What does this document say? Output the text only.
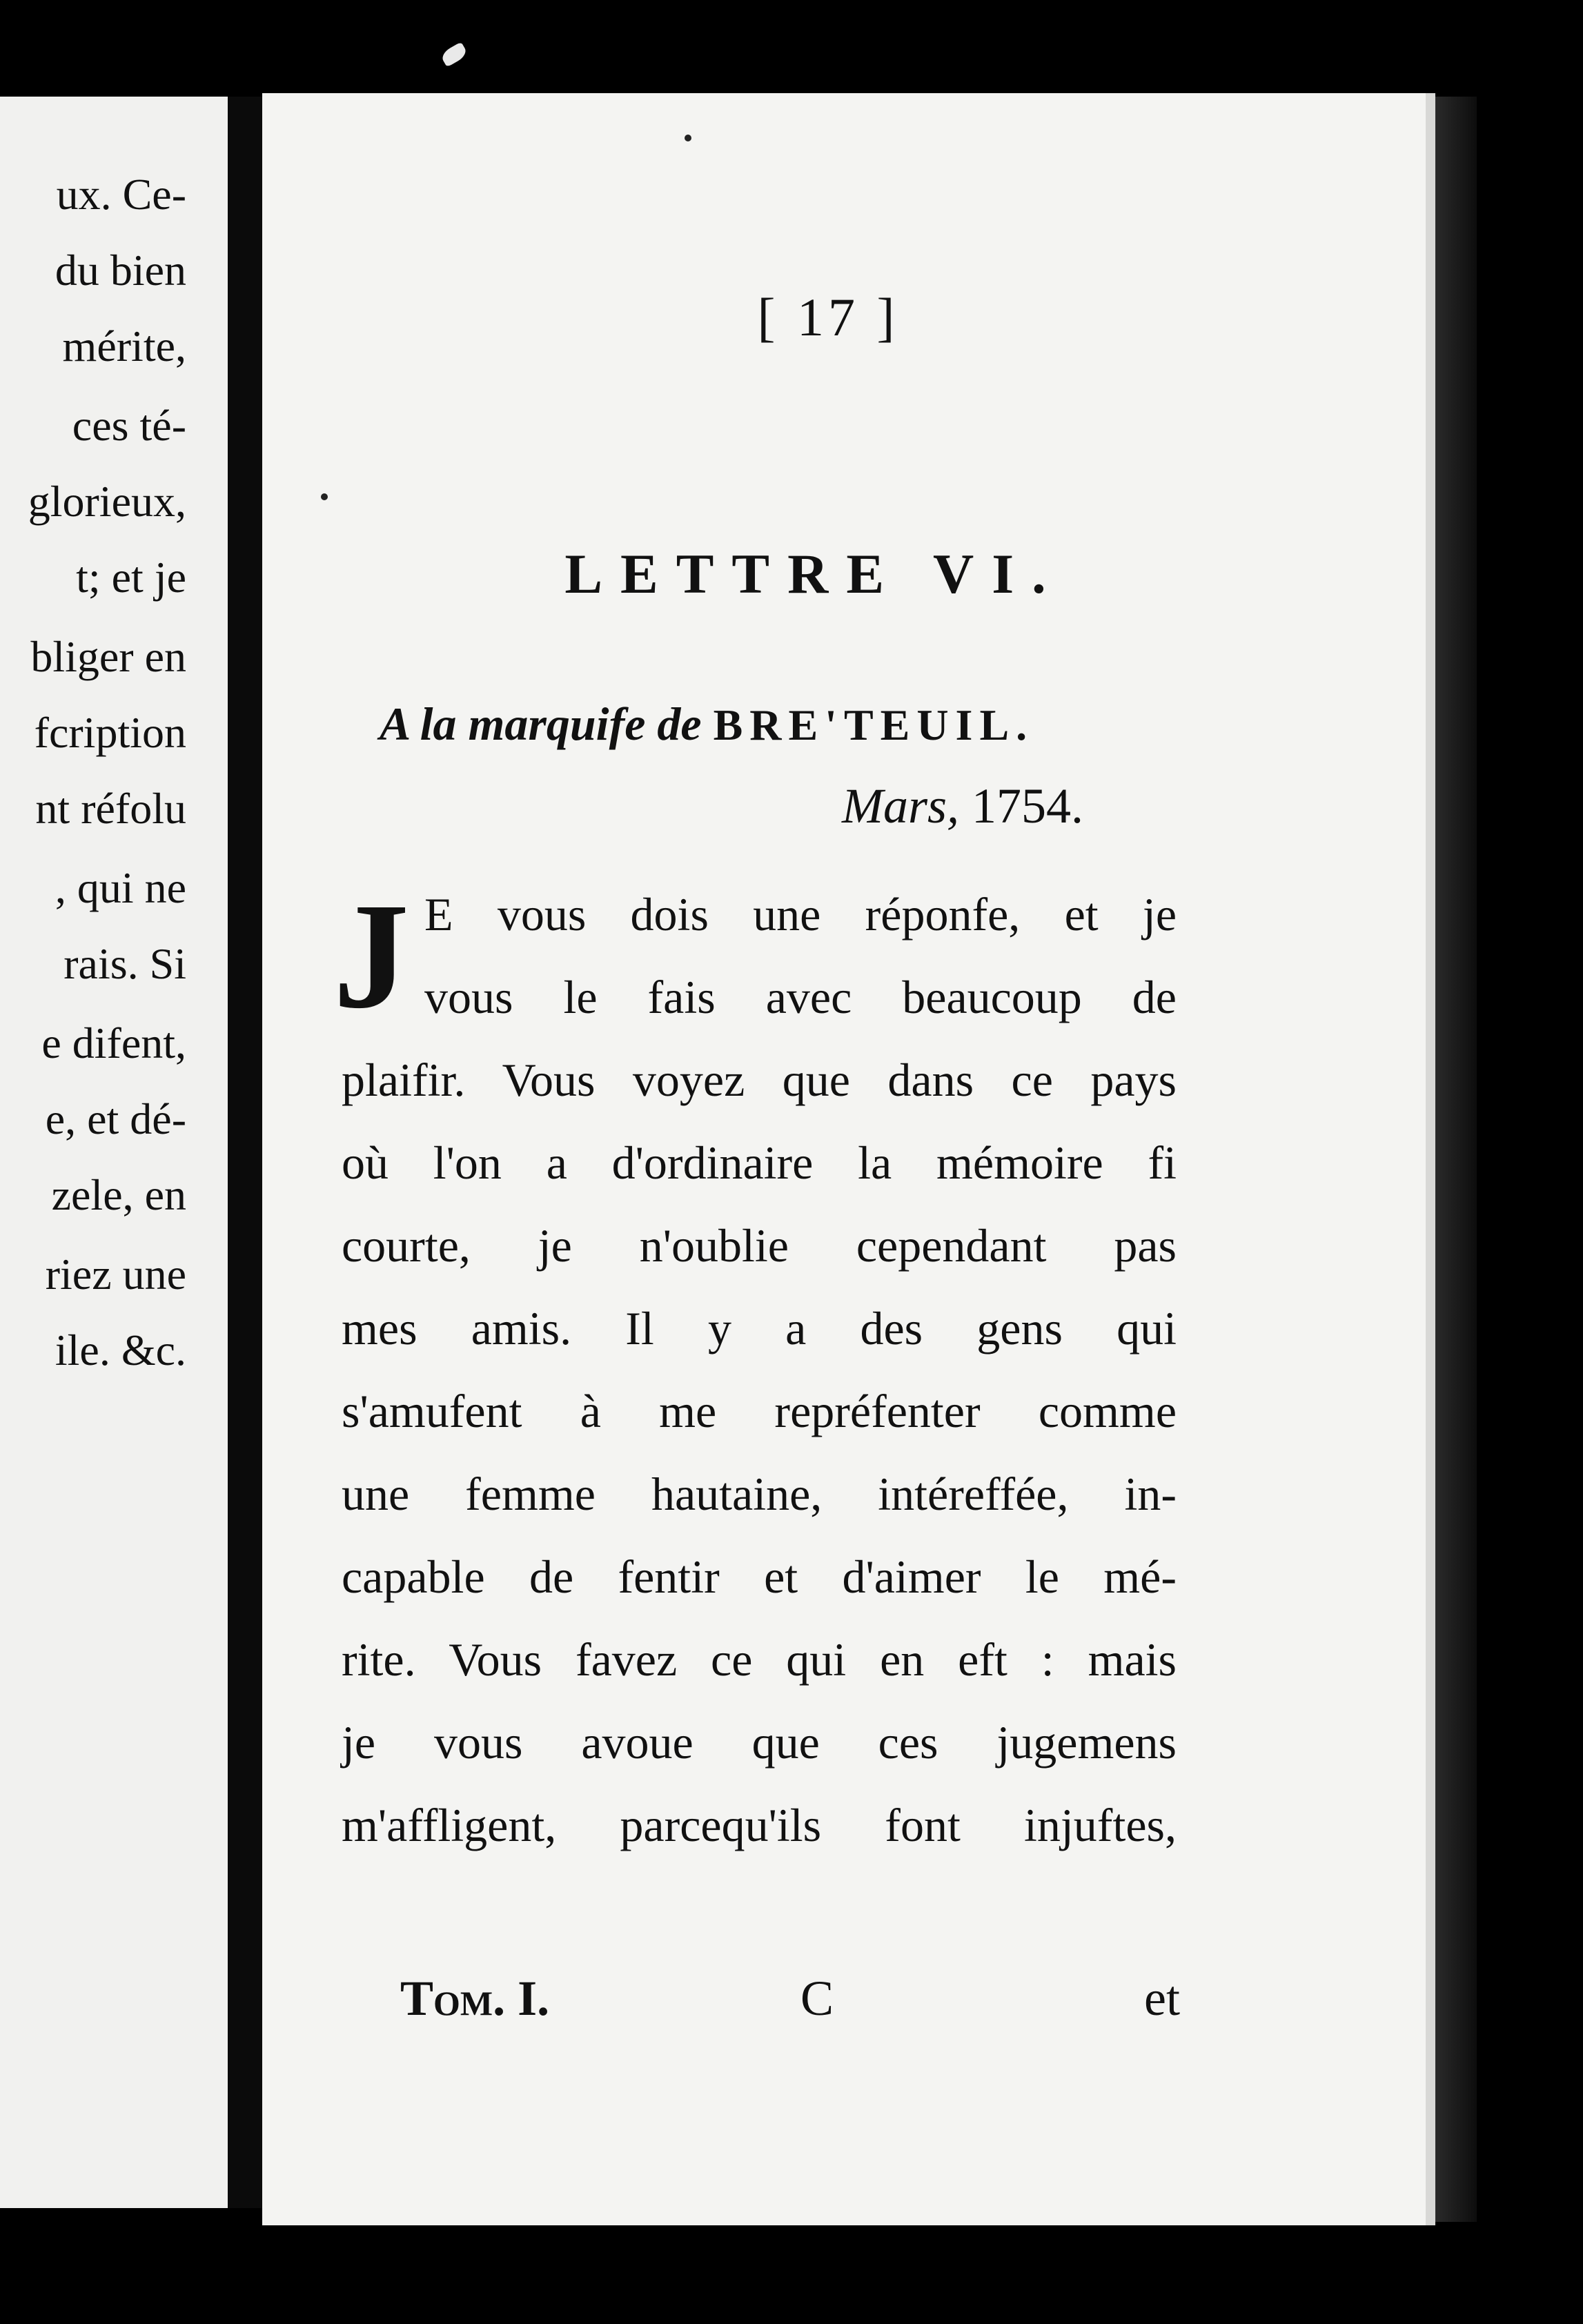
ux. Ce-
du bien
mérite,
ces té-
glorieux,
t; et je
bliger en
fcription
nt réfolu
, qui ne
rais. Si
e difent,
e, et dé-
zele, en
riez une
ile. &c.
[ 17 ]
LETTRE VI.
A la marquife de BRE'TEUIL.
Mars, 1754.
J E vous dois une réponfe, et je
vous le fais avec beaucoup de
plaifir. Vous voyez que dans ce pays
où l'on a d'ordinaire la mémoire fi
courte, je n'oublie cependant pas
mes amis. Il y a des gens qui
s'amufent à me repréfenter comme
une femme hautaine, intéreffée, in-
capable de fentir et d'aimer le mé-
rite. Vous favez ce qui en eft : mais
je vous avoue que ces jugemens
m'affligent, parcequ'ils font injuftes,
Tom. I.	C	et
